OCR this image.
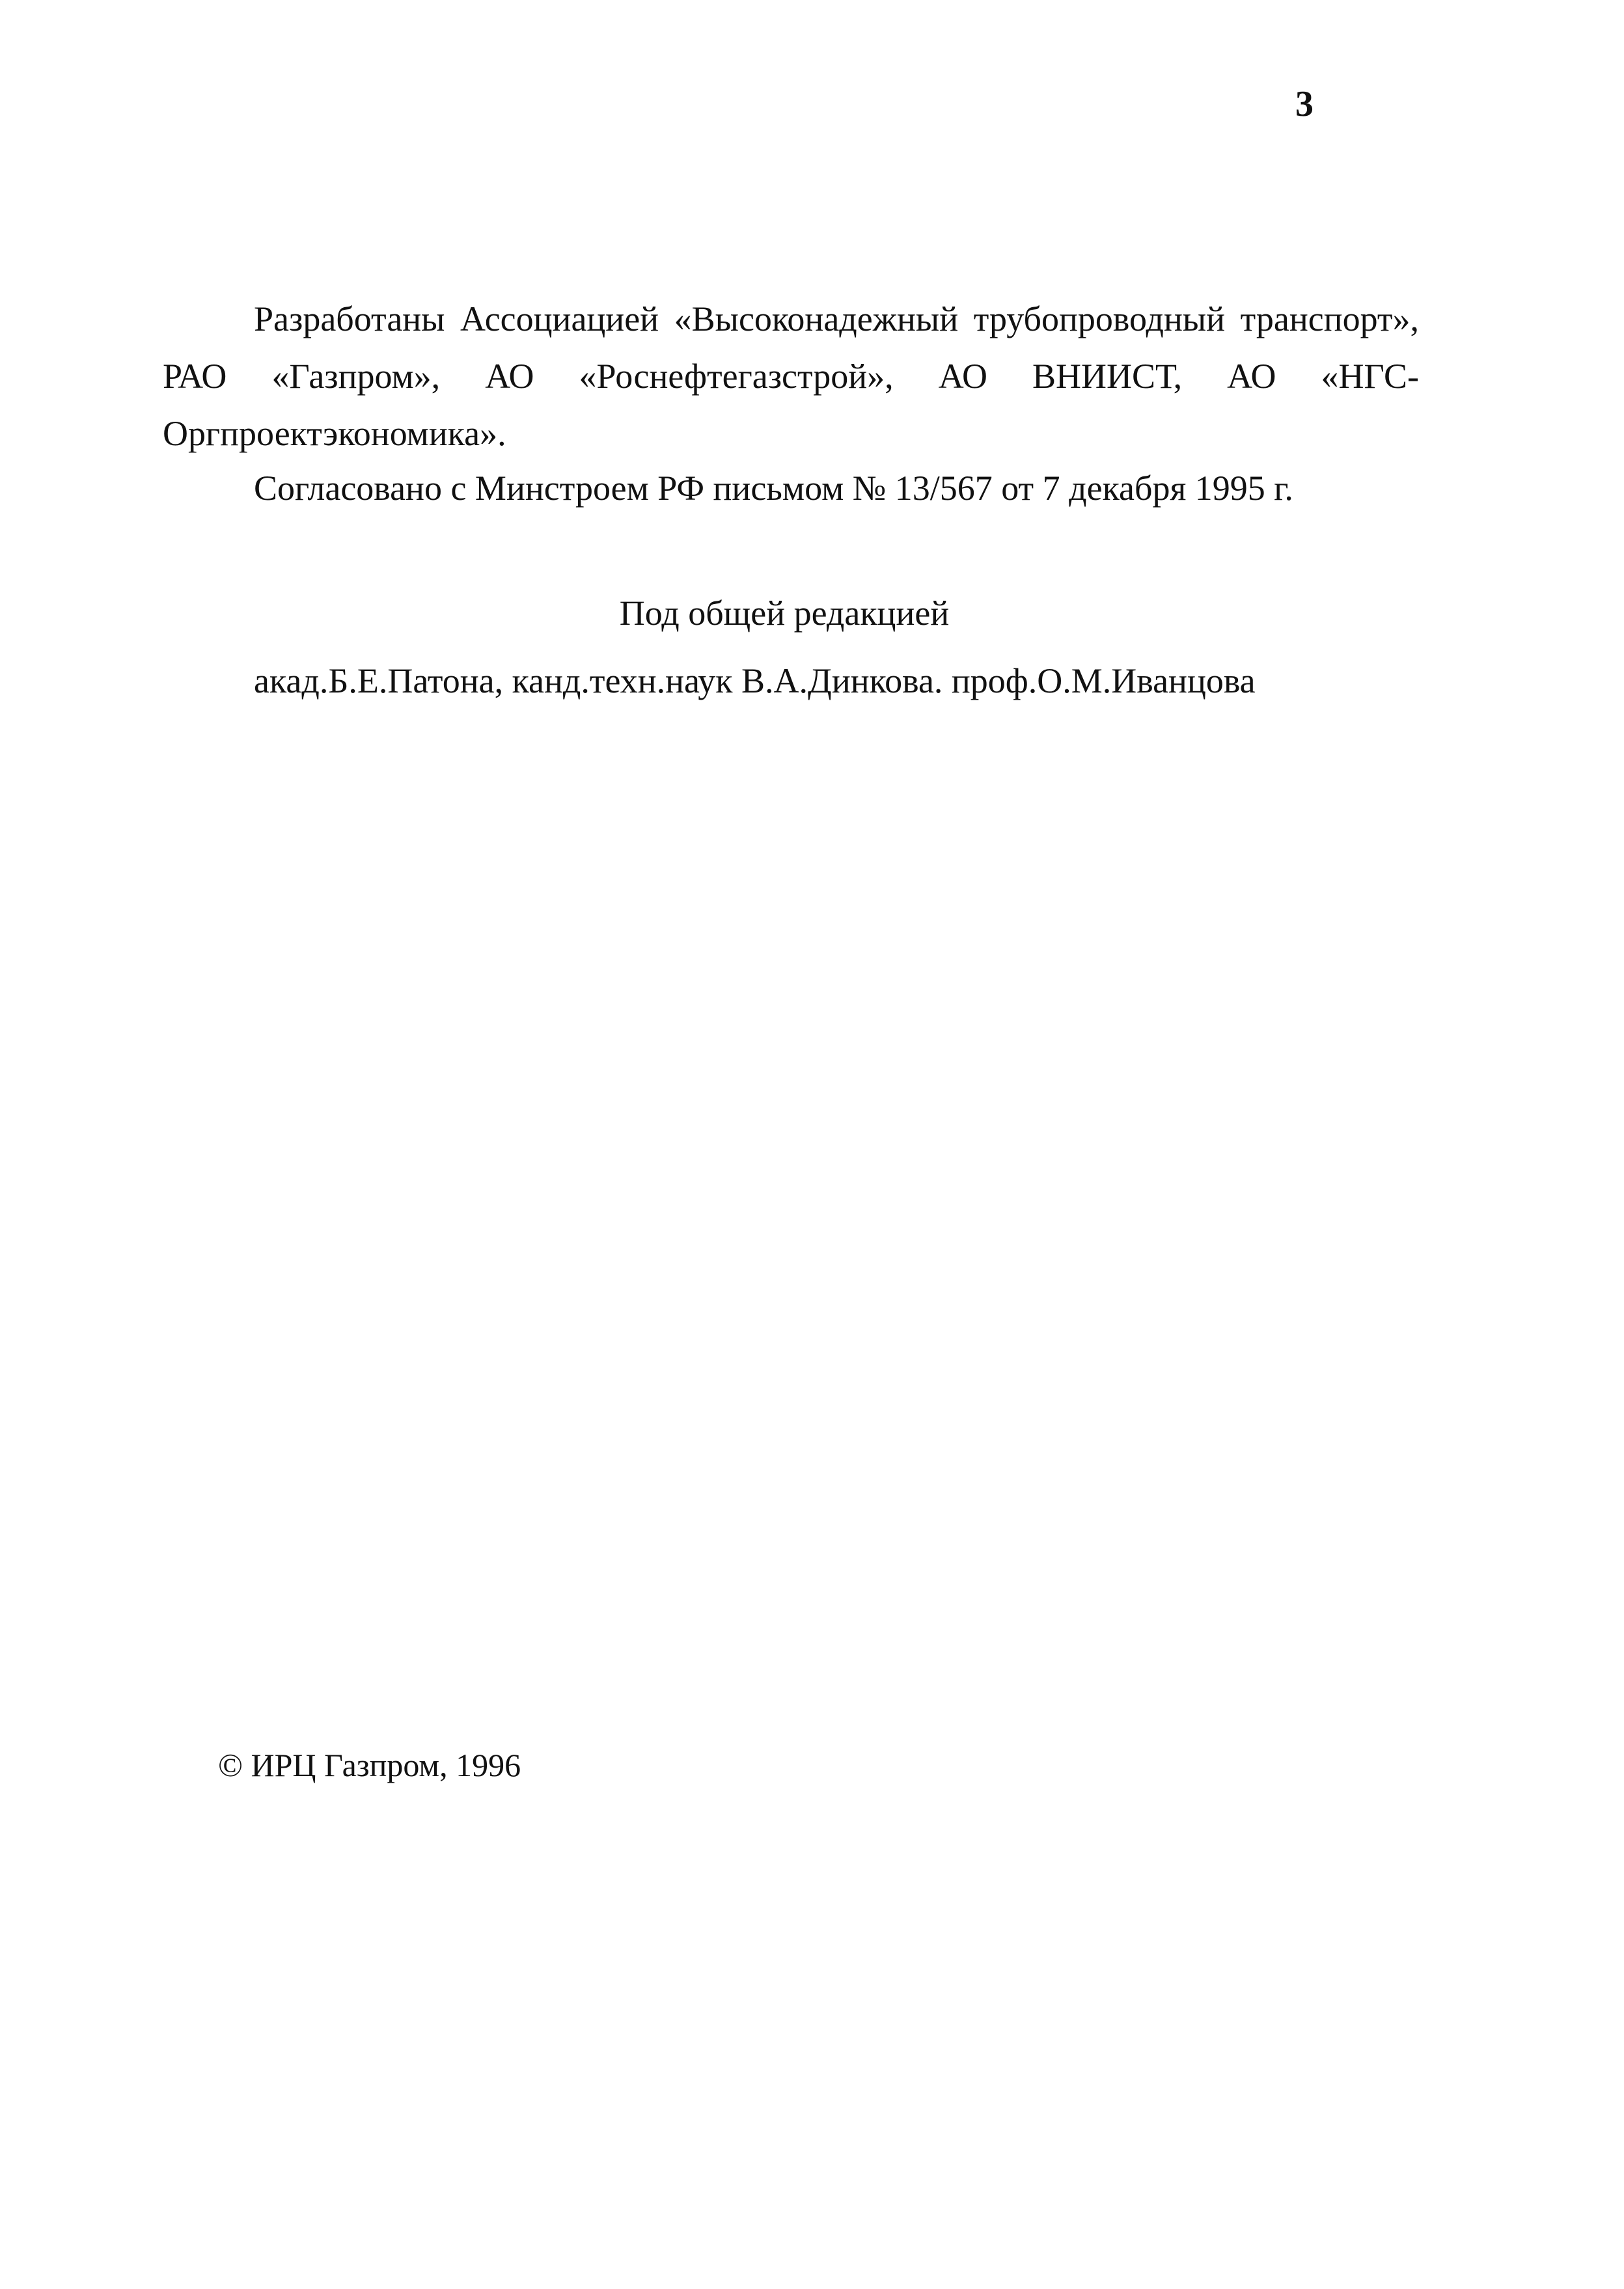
3

Разработаны Ассоциацией «Высоконадежный трубопроводный транспорт», РАО «Газпром», АО «Роснефтегазстрой», АО ВНИИСТ, АО «НГС-Оргпроектэкономика».

Согласовано с Минстроем РФ письмом № 13/567 от 7 декабря 1995 г.
Под общей редакцией
акад.Б.Е.Патона, канд.техн.наук В.А.Динкова. проф.О.М.Иванцова
© ИРЦ Газпром, 1996
